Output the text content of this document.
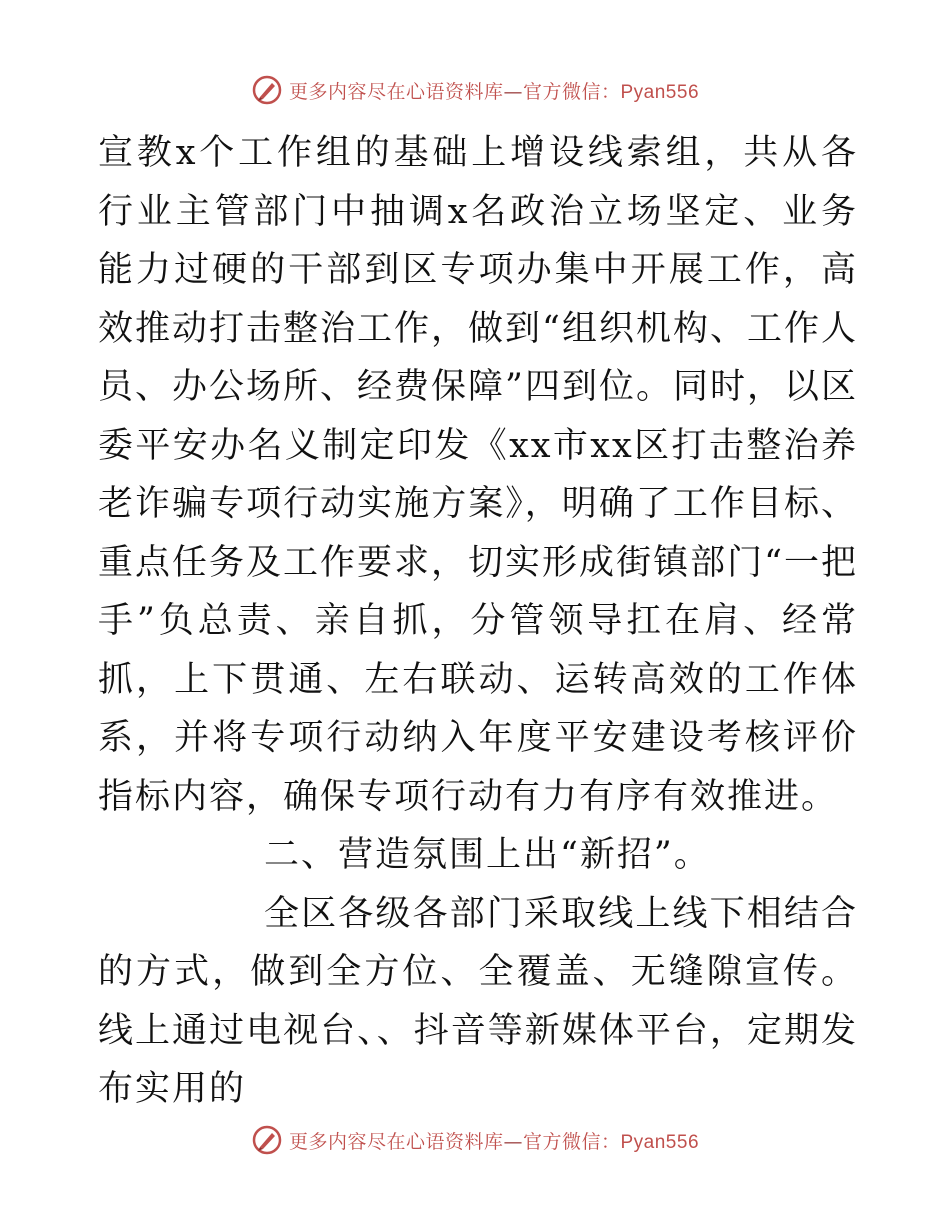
更多内容尽在心语资料库—官方微信：Pyan556

宣教x个工作组的基础上增设线索组，共从各行业主管部门中抽调x名政治立场坚定、业务能力过硬的干部到区专项办集中开展工作，高效推动打击整治工作，做到“组织机构、工作人员、办公场所、经费保障”四到位。同时，以区委平安办名义制定印发《xx市xx区打击整治养老诈骗专项行动实施方案》，明确了工作目标、重点任务及工作要求，切实形成街镇部门“一把手”负总责、亲自抓，分管领导扛在肩、经常抓，上下贯通、左右联动、运转高效的工作体系，并将专项行动纳入年度平安建设考核评价指标内容，确保专项行动有力有序有效推进。

二、营造氛围上出“新招”。

全区各级各部门采取线上线下相结合的方式，做到全方位、全覆盖、无缝隙宣传。线上通过电视台、、抖音等新媒体平台，定期发布实用的

更多内容尽在心语资料库—官方微信：Pyan556
